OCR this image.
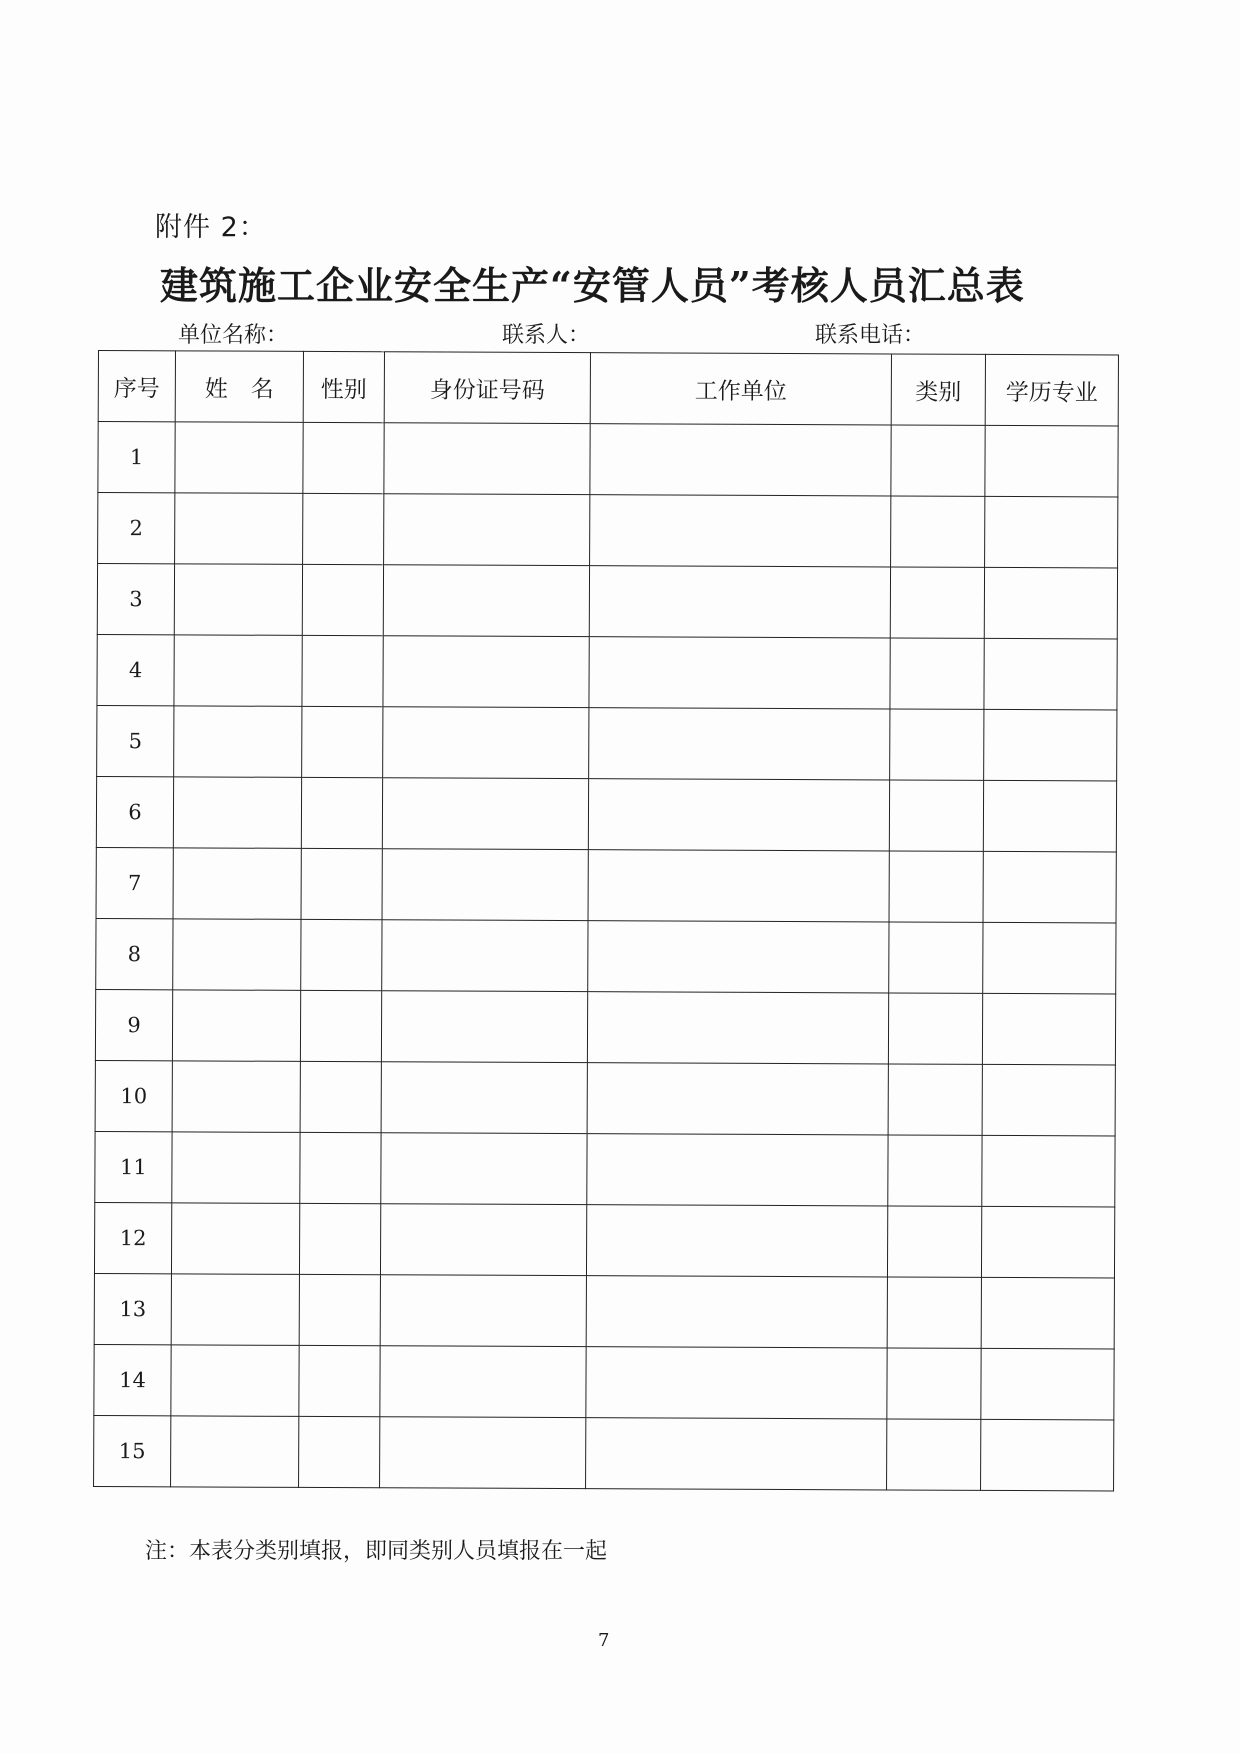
附件 2：
建筑施工企业安全生产“安管人员”考核人员汇总表
单位名称：	联系人：	联系电话：
序号	姓　名	性别	身份证号码	工作单位	类别	学历专业
1						
2						
3						
4						
5						
6						
7						
8						
9						
10						
11						
12						
13						
14						
15						
注：本表分类别填报，即同类别人员填报在一起
7
